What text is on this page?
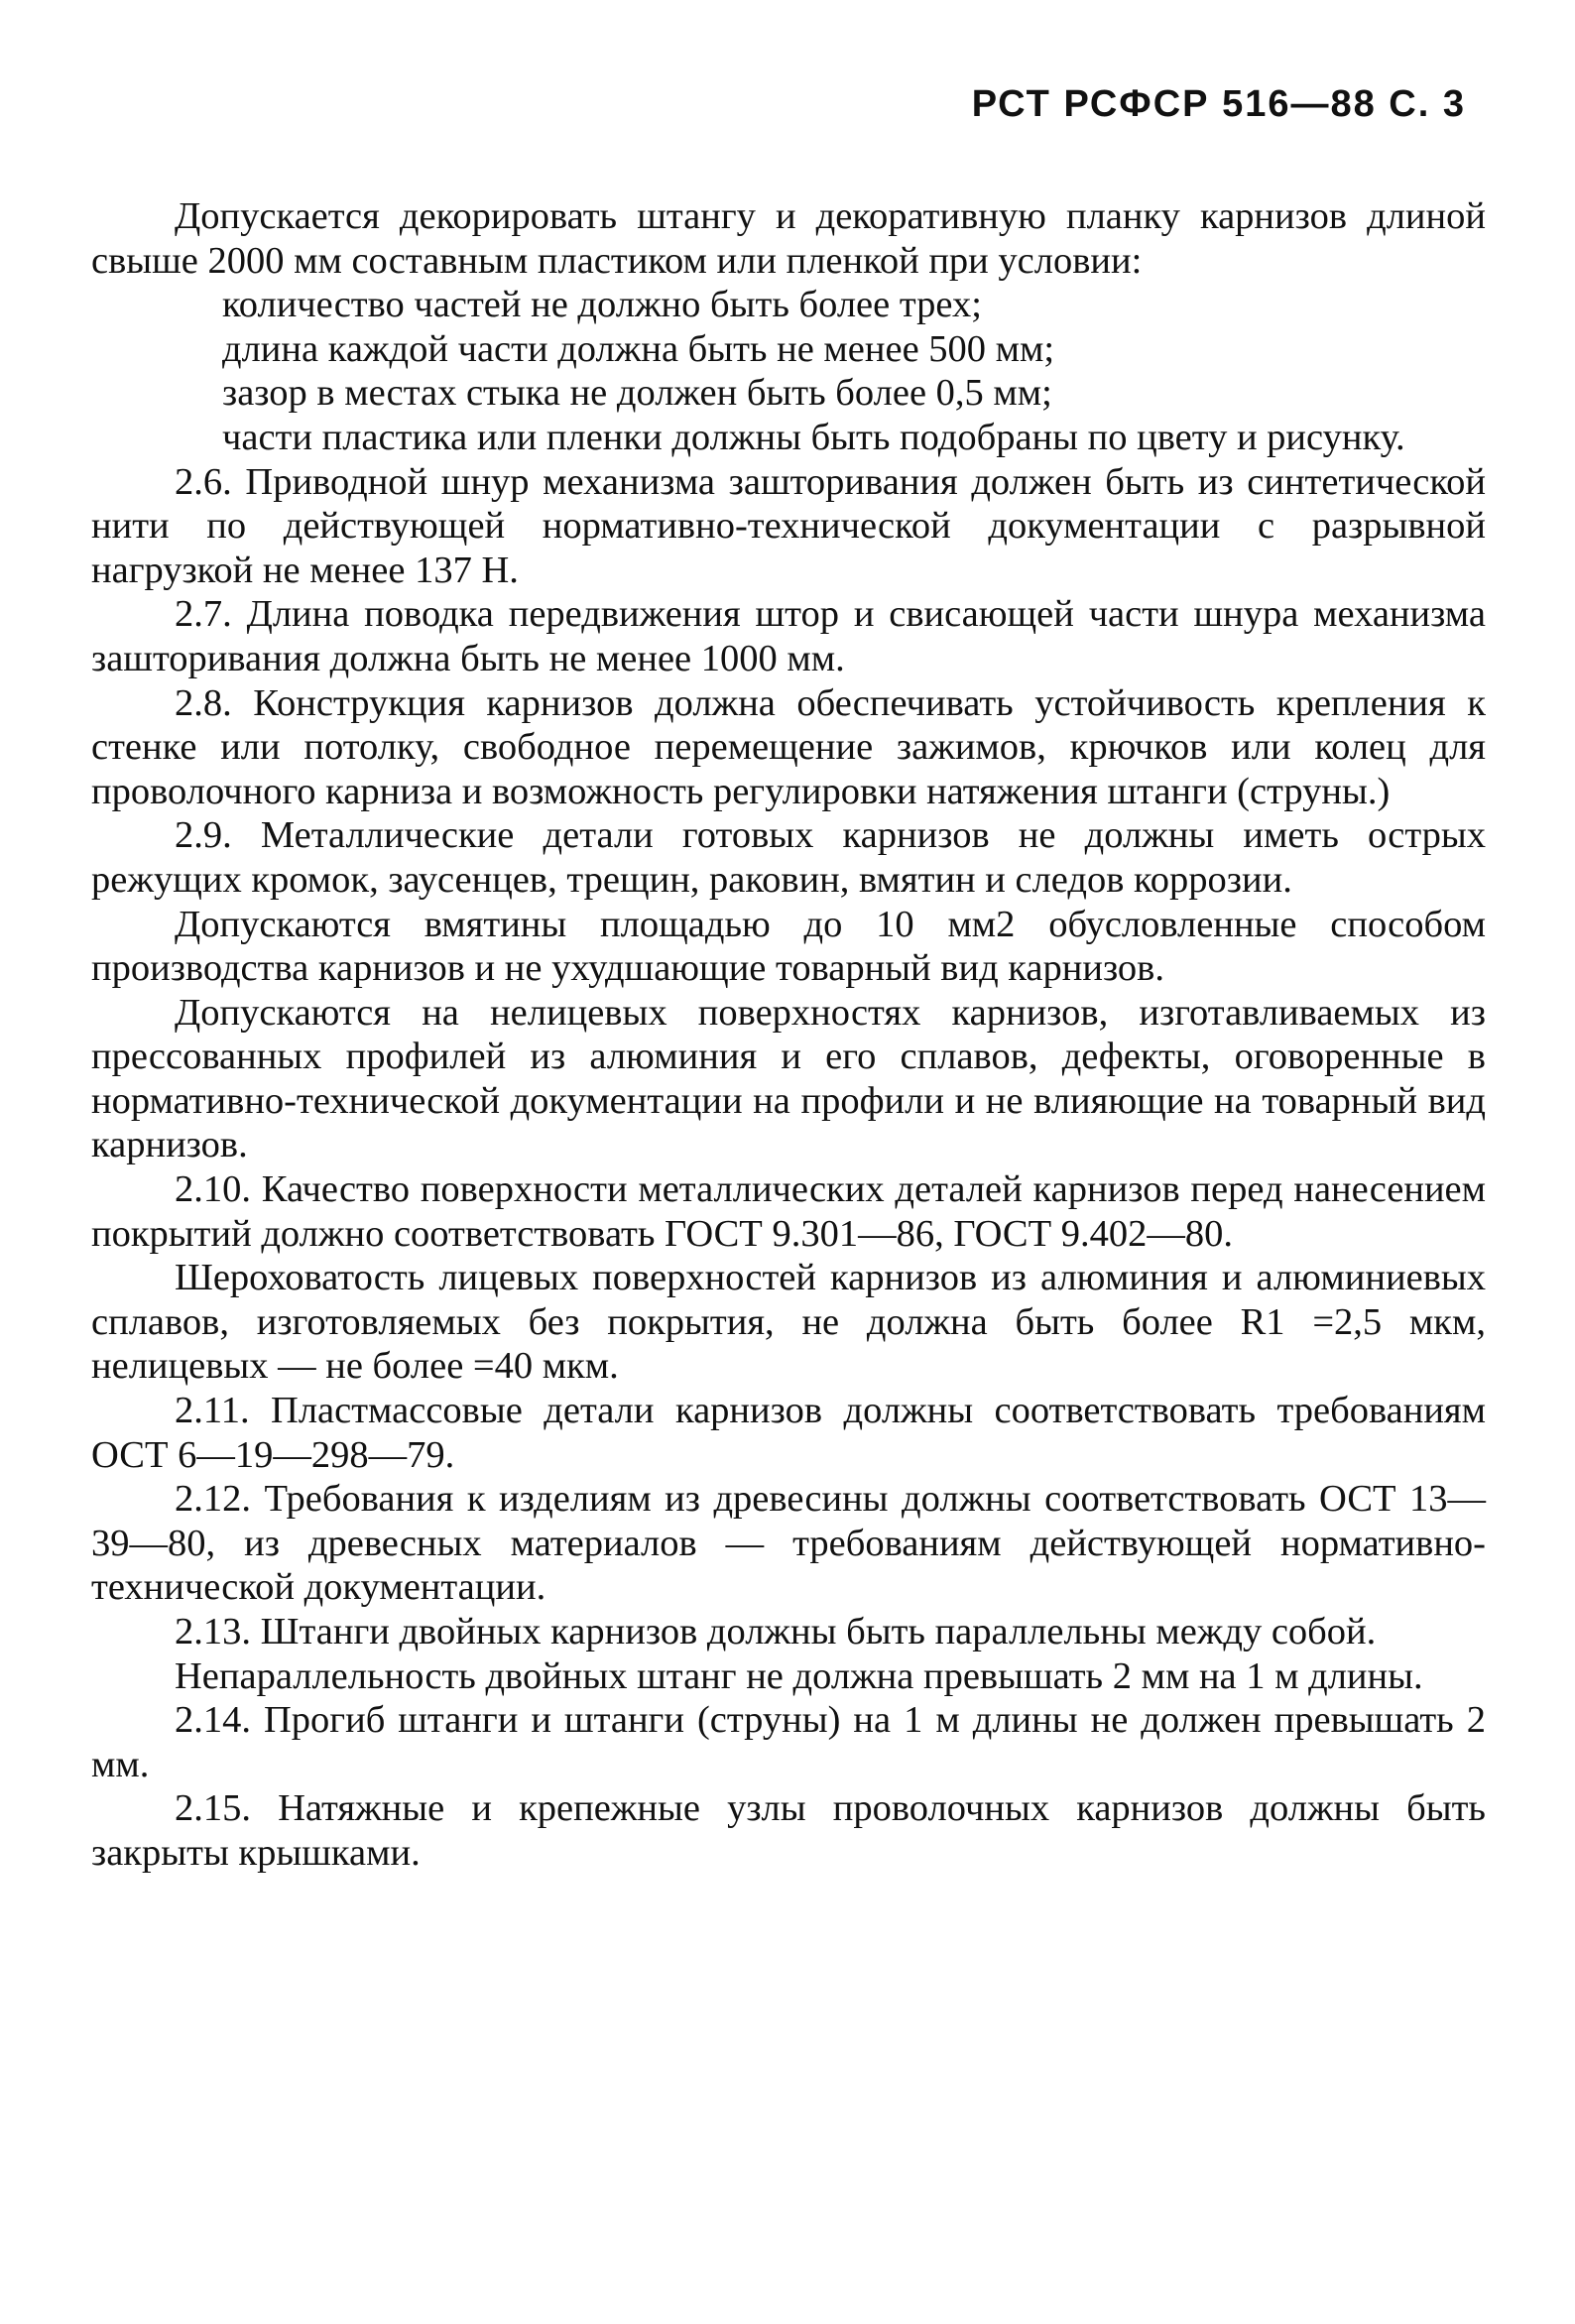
РСТ РСФСР 516—88 С. 3

Допускается декорировать штангу и декоративную планку карнизов длиной свыше 2000 мм составным пластиком или пленкой при условии:

количество частей не должно быть более трех;

длина каждой части должна быть не менее 500 мм;

зазор в местах стыка не должен быть более 0,5 мм;

части пластика или пленки должны быть подобраны по цвету и рисунку.

2.6. Приводной шнур механизма зашторивания должен быть из синтетической нити по действующей нормативно-технической документации с разрывной нагрузкой не менее 137 Н.

2.7. Длина поводка передвижения штор и свисающей части шнура механизма зашторивания должна быть не менее 1000 мм.

2.8. Конструкция карнизов должна обеспечивать устойчивость крепления к стенке или потолку, свободное перемещение зажимов, крючков или колец для проволочного карниза и возможность регулировки натяжения штанги (струны.)

2.9. Металлические детали готовых карнизов не должны иметь острых режущих кромок, заусенцев, трещин, раковин, вмятин и следов коррозии.

Допускаются вмятины площадью до 10 мм2 обусловленные способом производства карнизов и не ухудшающие товарный вид карнизов.

Допускаются на нелицевых поверхностях карнизов, изготавливаемых из прессованных профилей из алюминия и его сплавов, дефекты, оговоренные в нормативно-технической документации на профили и не влияющие на товарный вид карнизов.

2.10. Качество поверхности металлических деталей карнизов перед нанесением покрытий должно соответствовать ГОСТ 9.301—86, ГОСТ 9.402—80.

Шероховатость лицевых поверхностей карнизов из алюминия и алюминиевых сплавов, изготовляемых без покрытия, не должна быть более R1 =2,5 мкм, нелицевых — не более =40 мкм.

2.11. Пластмассовые детали карнизов должны соответствовать требованиям ОСТ 6—19—298—79.

2.12. Требования к изделиям из древесины должны соответствовать ОСТ 13—39—80, из древесных материалов — требованиям действующей нормативно-технической документации.

2.13. Штанги двойных карнизов должны быть параллельны между собой.

Непараллельность двойных штанг не должна превышать 2 мм на 1 м длины.

2.14. Прогиб штанги и штанги (струны) на 1 м длины не должен превышать 2 мм.

2.15. Натяжные и крепежные узлы проволочных карнизов должны быть закрыты крышками.
